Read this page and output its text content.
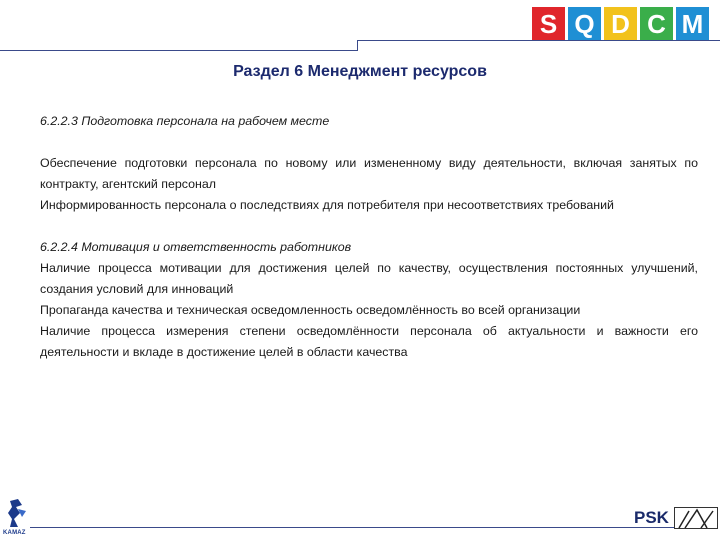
S Q D C M
Раздел 6 Менеджмент ресурсов

6.2.2.3 Подготовка персонала на рабочем месте

Обеспечение подготовки персонала по новому или измененному виду деятельности, включая занятых по контракту, агентский персонал

Информированность персонала о последствиях для потребителя при несоответствиях требований

6.2.2.4 Мотивация и ответственность работников

Наличие процесса мотивации для достижения целей по качеству, осуществления постоянных улучшений, создания условий для инноваций

Пропаганда качества и техническая осведомленность осведомлённость во всей организации

Наличие процесса измерения степени осведомлённости персонала об актуальности и важности его деятельности и вкладе в достижение целей в области качества

KAMAZ
PSK
